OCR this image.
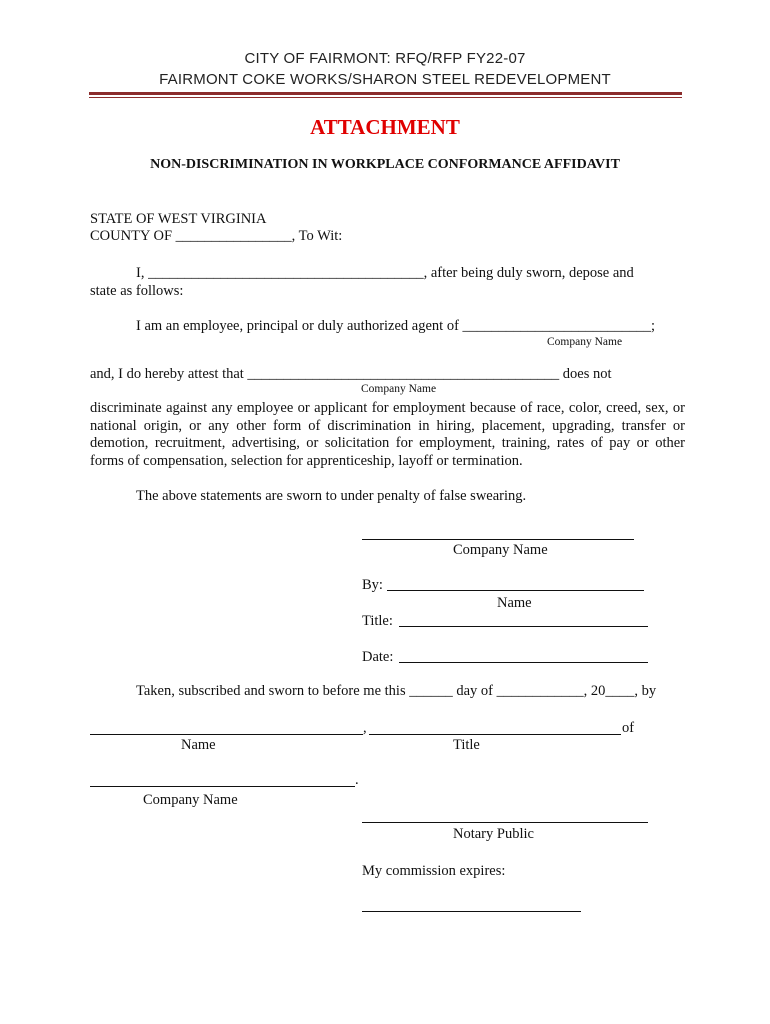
CITY OF FAIRMONT: RFQ/RFP FY22-07
FAIRMONT COKE WORKS/SHARON STEEL REDEVELOPMENT
ATTACHMENT
NON-DISCRIMINATION IN WORKPLACE CONFORMANCE AFFIDAVIT
STATE OF WEST VIRGINIA
COUNTY OF ________________, To Wit:
I, ______________________________________, after being duly sworn, depose and
state as follows:
I am an employee, principal or duly authorized agent of __________________________;
Company Name
and, I do hereby attest that ___________________________________________ does not
Company Name
discriminate against any employee or applicant for employment because of race, color, creed, sex, or national origin, or any other form of discrimination in hiring, placement, upgrading, transfer or demotion, recruitment, advertising, or solicitation for employment, training, rates of pay or other forms of compensation, selection for apprenticeship, layoff or termination.
The above statements are sworn to under penalty of false swearing.
Company Name
By:
Name
Title:
Date:
Taken, subscribed and sworn to before me this ______ day of ____________, 20____, by
,	of
Name	Title
.
Company Name
Notary Public
My commission expires:
